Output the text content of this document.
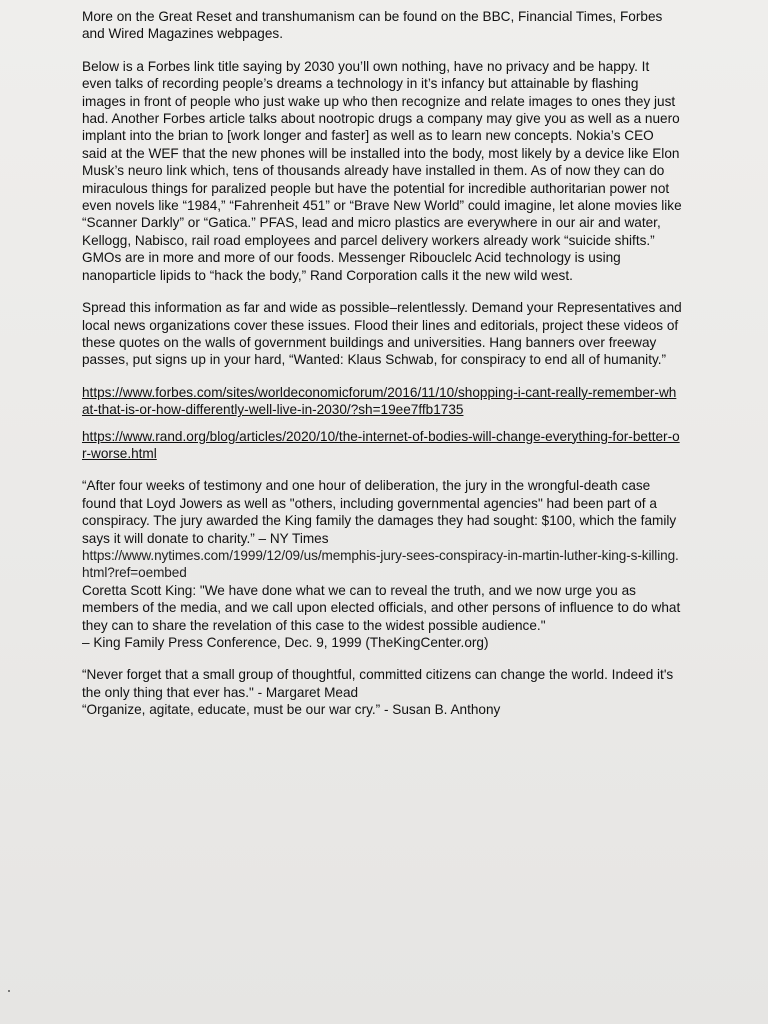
More on the Great Reset and transhumanism can be found on the BBC, Financial Times, Forbes and Wired Magazines webpages.

Below is a Forbes link title saying by 2030 you’ll own nothing, have no privacy and be happy. It even talks of recording people’s dreams a technology in it’s infancy but attainable by flashing images in front of people who just wake up who then recognize and relate images to ones they just had. Another Forbes article talks about nootropic drugs a company may give you as well as a nuero implant into the brian to [work longer and faster] as well as to learn new concepts. Nokia’s CEO said at the WEF that the new phones will be installed into the body, most likely by a device like Elon Musk’s neuro link which, tens of thousands already have installed in them. As of now they can do miraculous things for paralized people but have the potential for incredible authoritarian power not even novels like “1984,” “Fahrenheit 451” or “Brave New World” could imagine, let alone movies like “Scanner Darkly” or “Gatica.” PFAS, lead and micro plastics are everywhere in our air and water, Kellogg, Nabisco, rail road employees and parcel delivery workers already work “suicide shifts.” GMOs are in more and more of our foods. Messenger Ribouclelc Acid technology is using nanoparticle lipids to “hack the body,” Rand Corporation calls it the new wild west.

Spread this information as far and wide as possible–relentlessly. Demand your Representatives and local news organizations cover these issues. Flood their lines and editorials, project these videos of these quotes on the walls of government buildings and universities. Hang banners over freeway passes, put signs up in your hard, “Wanted: Klaus Schwab, for conspiracy to end all of humanity.”

https://www.forbes.com/sites/worldeconomicforum/2016/11/10/shopping-i-cant-really-remember-what-that-is-or-how-differently-well-live-in-2030/?sh=19ee7ffb1735

https://www.rand.org/blog/articles/2020/10/the-internet-of-bodies-will-change-everything-for-better-or-worse.html

“After four weeks of testimony and one hour of deliberation, the jury in the wrongful-death case found that Loyd Jowers as well as "others, including governmental agencies" had been part of a conspiracy. The jury awarded the King family the damages they had sought: $100, which the family says it will donate to charity.” – NY Times

https://www.nytimes.com/1999/12/09/us/memphis-jury-sees-conspiracy-in-martin-luther-king-s-killing.html?ref=oembed

Coretta Scott King: "We have done what we can to reveal the truth, and we now urge you as members of the media, and we call upon elected officials, and other persons of influence to do what they can to share the revelation of this case to the widest possible audience."

– King Family Press Conference, Dec. 9, 1999 (TheKingCenter.org)

“Never forget that a small group of thoughtful, committed citizens can change the world. Indeed it's the only thing that ever has." - Margaret Mead

“Organize, agitate, educate, must be our war cry.” - Susan B. Anthony
